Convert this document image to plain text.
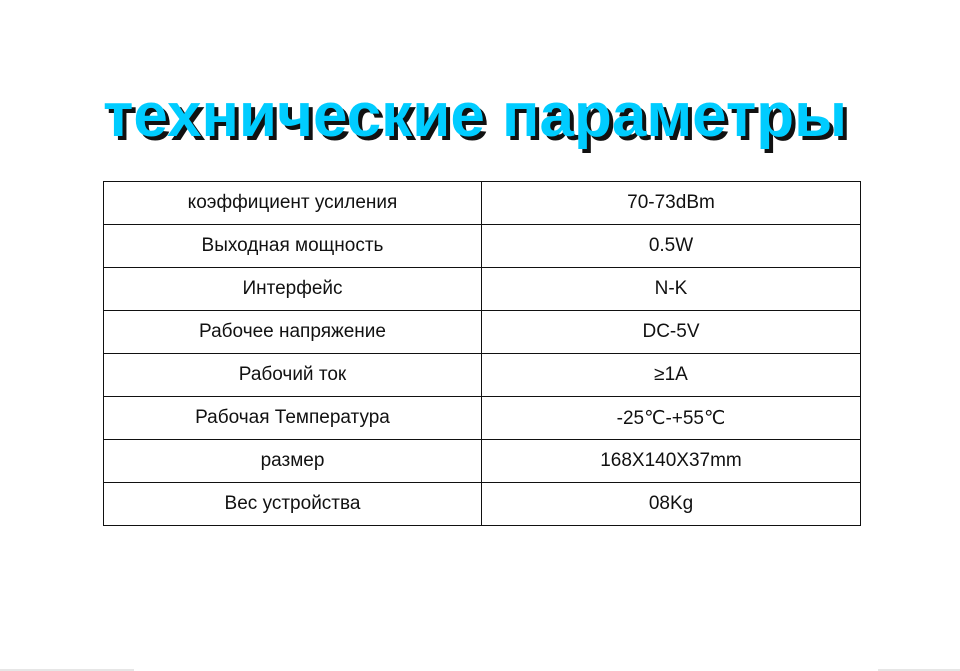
технические параметры
коэффициент усиления	70-73dBm
Выходная мощность	0.5W
Интерфейс	N-K
Рабочее напряжение	DC-5V
Рабочий ток	≥1A
Рабочая Температура	-25℃-+55℃
размер	168X140X37mm
Вес устройства	08Kg
